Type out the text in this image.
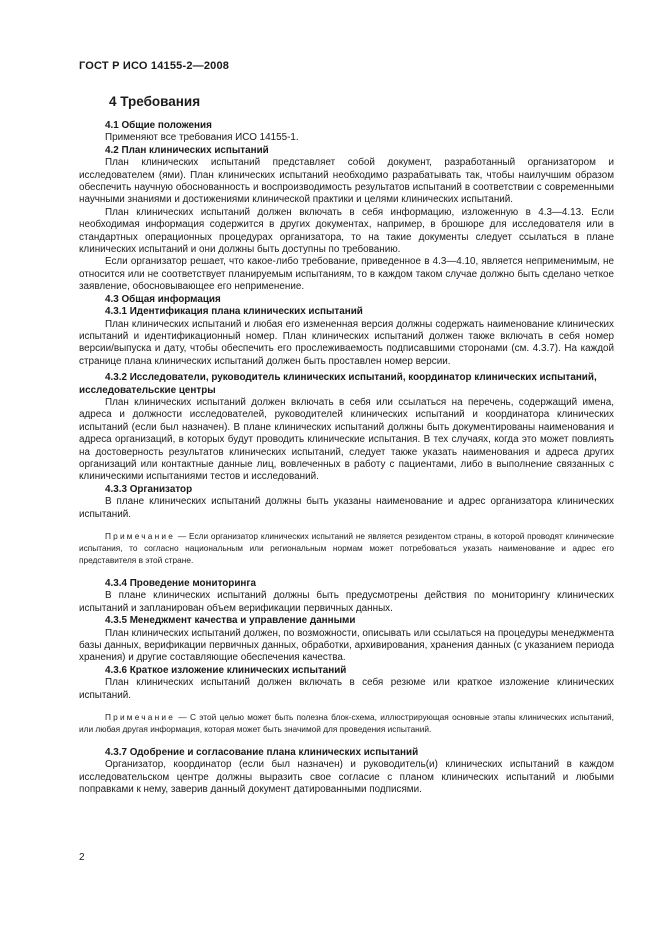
ГОСТ Р ИСО 14155-2—2008
4 Требования

4.1 Общие положения

Применяют все требования ИСО 14155-1.

4.2 План клинических испытаний

План клинических испытаний представляет собой документ, разработанный организатором и исследователем (ями). План клинических испытаний необходимо разрабатывать так, чтобы наилучшим образом обеспечить научную обоснованность и воспроизводимость результатов испытаний в соответствии с современными научными знаниями и достижениями клинической практики и целями клинических испытаний.

План клинических испытаний должен включать в себя информацию, изложенную в 4.3—4.13. Если необходимая информация содержится в других документах, например, в брошюре для исследователя или в стандартных операционных процедурах организатора, то на такие документы следует ссылаться в плане клинических испытаний и они должны быть доступны по требованию.

Если организатор решает, что какое-либо требование, приведенное в 4.3—4.10, является неприменимым, не относится или не соответствует планируемым испытаниям, то в каждом таком случае должно быть сделано четкое заявление, обосновывающее его неприменение.

4.3 Общая информация

4.3.1 Идентификация плана клинических испытаний

План клинических испытаний и любая его измененная версия должны содержать наименование клинических испытаний и идентификационный номер. План клинических испытаний должен также включать в себя номер версии/выпуска и дату, чтобы обеспечить его прослеживаемость подписавшими сторонами (см. 4.3.7). На каждой странице плана клинических испытаний должен быть проставлен номер версии.

4.3.2 Исследователи, руководитель клинических испытаний, координатор клинических испытаний, исследовательские центры

План клинических испытаний должен включать в себя или ссылаться на перечень, содержащий имена, адреса и должности исследователей, руководителей клинических испытаний и координатора клинических испытаний (если был назначен). В плане клинических испытаний должны быть документированы наименования и адреса организаций, в которых будут проводить клинические испытания. В тех случаях, когда это может повлиять на достоверность результатов клинических испытаний, следует также указать наименования и адреса других организаций или контактные данные лиц, вовлеченных в работу с пациентами, либо в выполнение связанных с клиническими испытаниями тестов и исследований.

4.3.3 Организатор

В плане клинических испытаний должны быть указаны наименование и адрес организатора клинических испытаний.

Примечание — Если организатор клинических испытаний не является резидентом страны, в которой проводят клинические испытания, то согласно национальным или региональным нормам может потребоваться указать наименование и адрес его представителя в этой стране.

4.3.4 Проведение мониторинга

В плане клинических испытаний должны быть предусмотрены действия по мониторингу клинических испытаний и запланирован объем верификации первичных данных.

4.3.5 Менеджмент качества и управление данными

План клинических испытаний должен, по возможности, описывать или ссылаться на процедуры менеджмента базы данных, верификации первичных данных, обработки, архивирования, хранения данных (с указанием периода хранения) и другие составляющие обеспечения качества.

4.3.6 Краткое изложение клинических испытаний

План клинических испытаний должен включать в себя резюме или краткое изложение клинических испытаний.

Примечание — С этой целью может быть полезна блок-схема, иллюстрирующая основные этапы клинических испытаний, или любая другая информация, которая может быть значимой для проведения испытаний.

4.3.7 Одобрение и согласование плана клинических испытаний

Организатор, координатор (если был назначен) и руководитель(и) клинических испытаний в каждом исследовательском центре должны выразить свое согласие с планом клинических испытаний и любыми поправками к нему, заверив данный документ датированными подписями.

2
